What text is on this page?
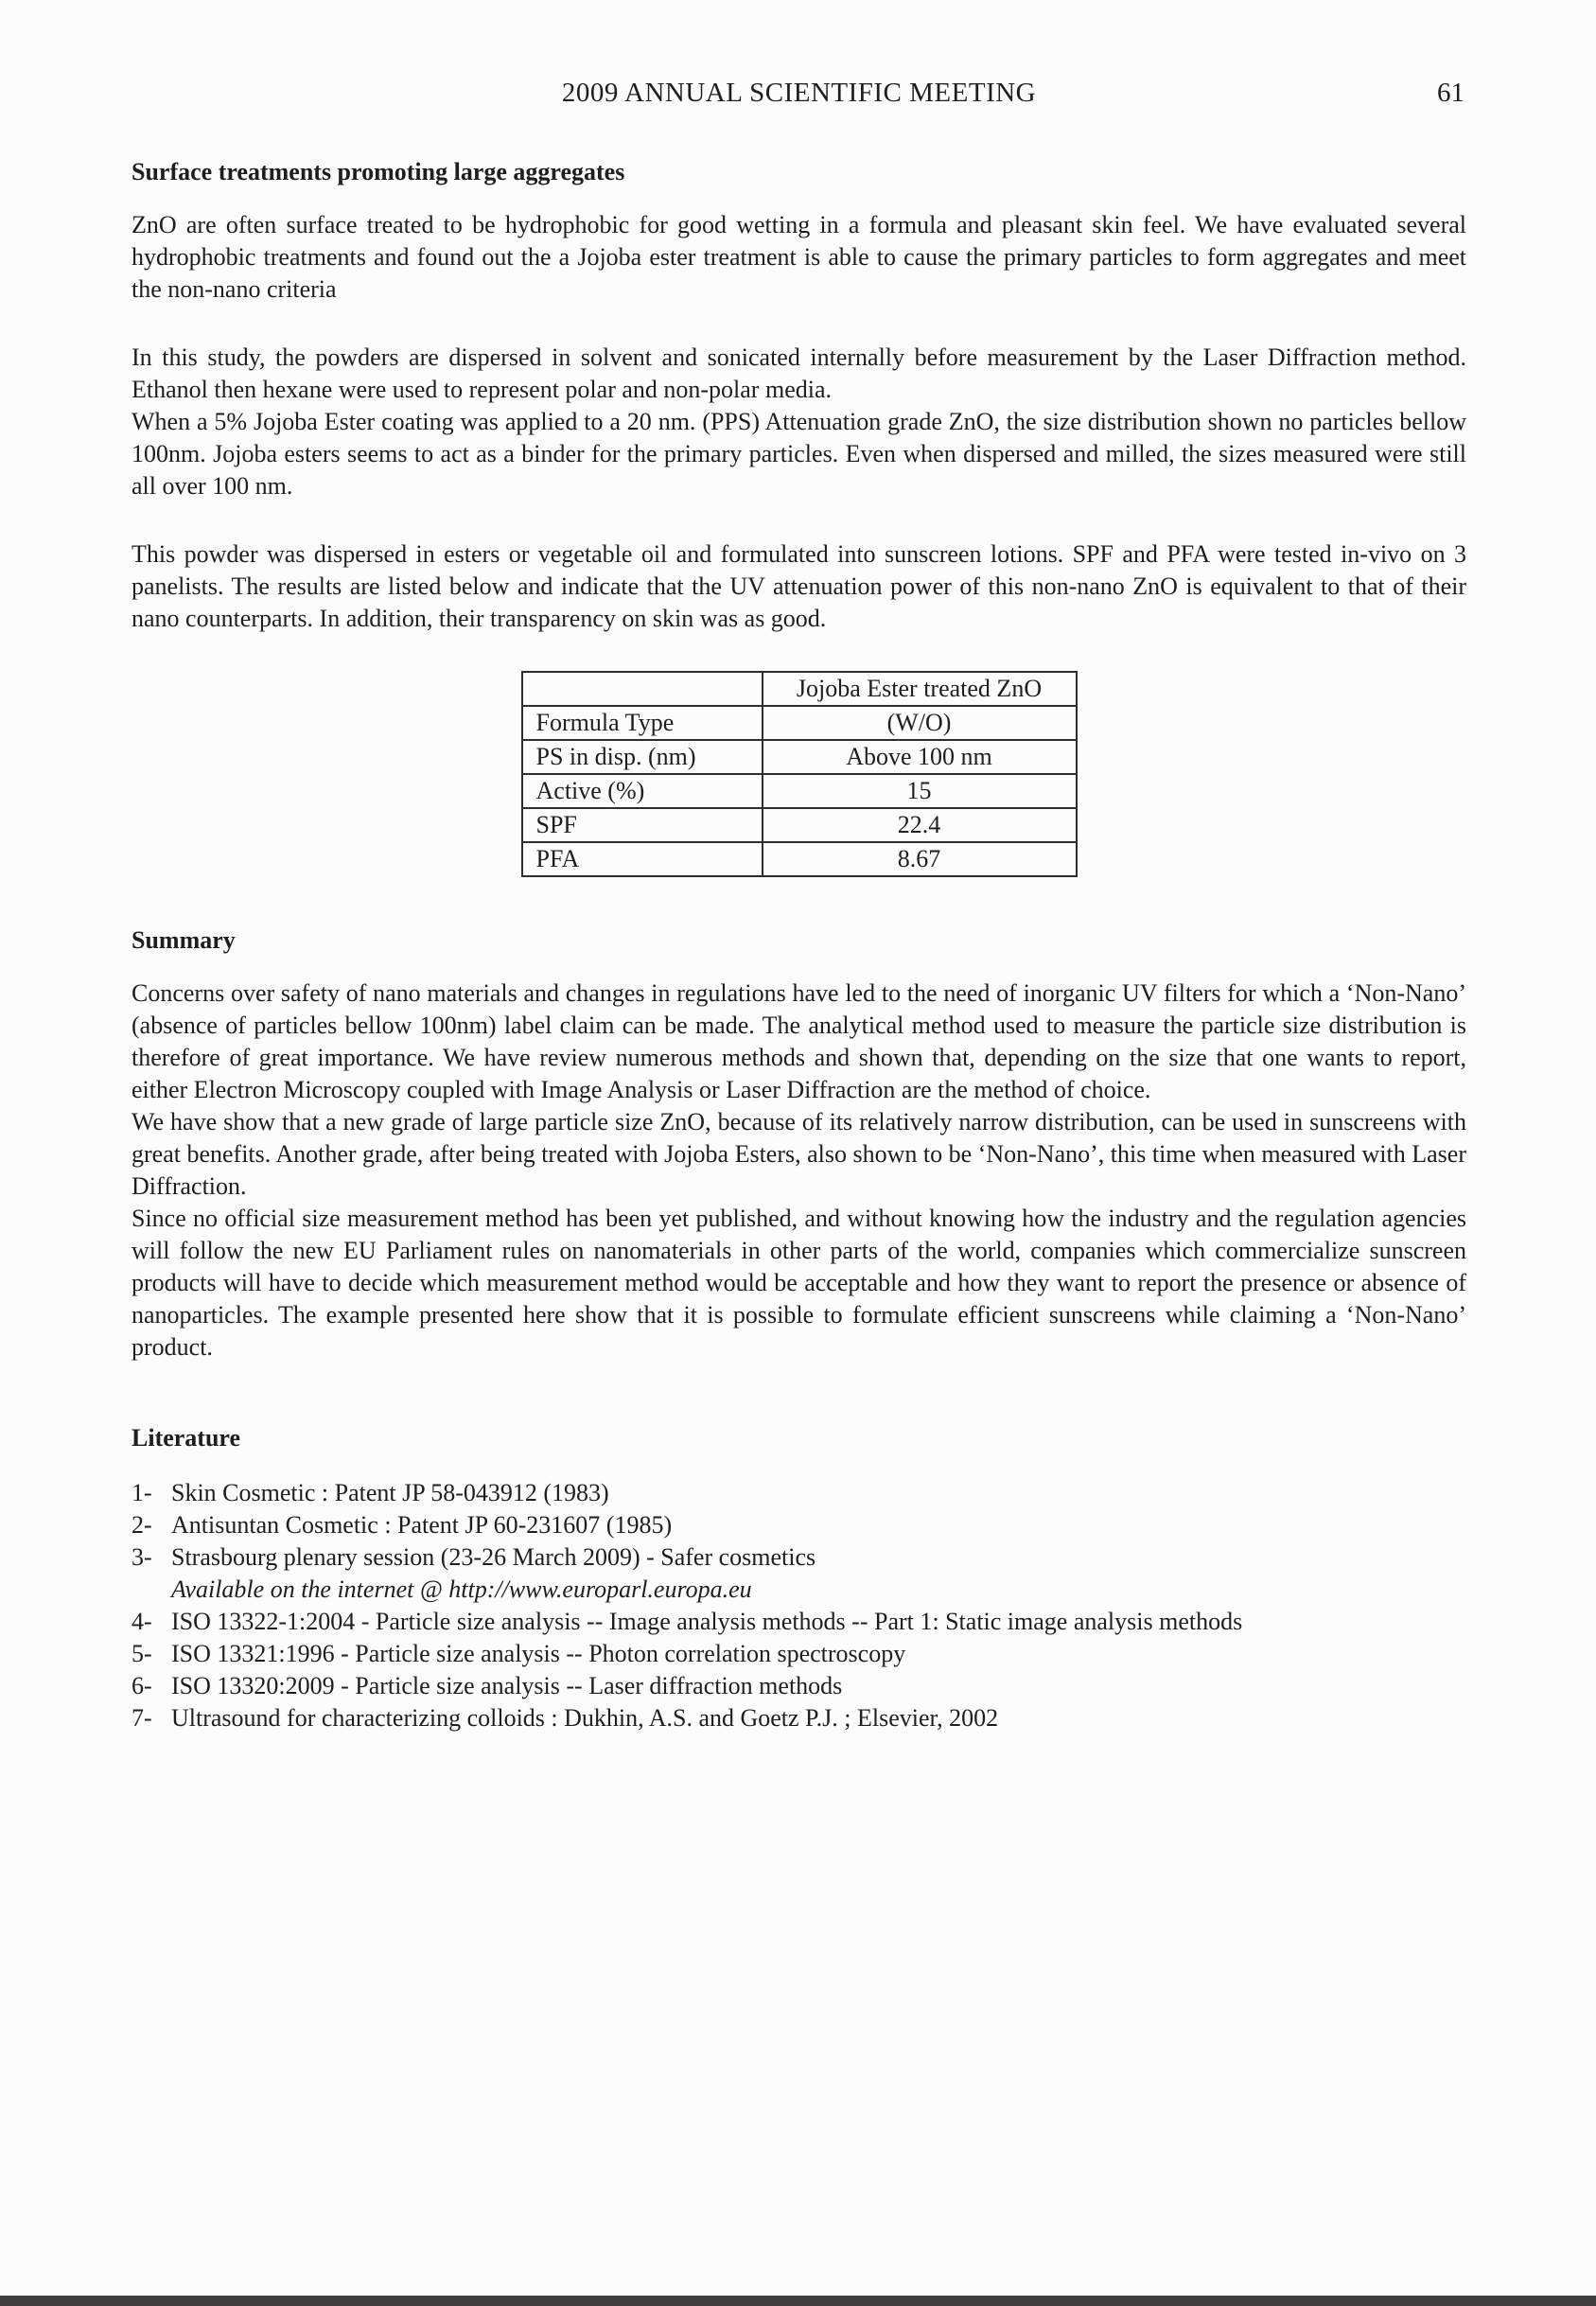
2009 ANNUAL SCIENTIFIC MEETING	61
Surface treatments promoting large aggregates

ZnO are often surface treated to be hydrophobic for good wetting in a formula and pleasant skin feel. We have evaluated several hydrophobic treatments and found out the a Jojoba ester treatment is able to cause the primary particles to form aggregates and meet the non-nano criteria

In this study, the powders are dispersed in solvent and sonicated internally before measurement by the Laser Diffraction method. Ethanol then hexane were used to represent polar and non-polar media.

When a 5% Jojoba Ester coating was applied to a 20 nm. (PPS) Attenuation grade ZnO, the size distribution shown no particles bellow 100nm. Jojoba esters seems to act as a binder for the primary particles. Even when dispersed and milled, the sizes measured were still all over 100 nm.

This powder was dispersed in esters or vegetable oil and formulated into sunscreen lotions. SPF and PFA were tested in-vivo on 3 panelists. The results are listed below and indicate that the UV attenuation power of this non-nano ZnO is equivalent to that of their nano counterparts. In addition, their transparency on skin was as good.

	Jojoba Ester treated ZnO
Formula Type	(W/O)
PS in disp. (nm)	Above 100 nm
Active (%)	15
SPF	22.4
PFA	8.67
Summary

Concerns over safety of nano materials and changes in regulations have led to the need of inorganic UV filters for which a ‘Non-Nano’ (absence of particles bellow 100nm) label claim can be made. The analytical method used to measure the particle size distribution is therefore of great importance. We have review numerous methods and shown that, depending on the size that one wants to report, either Electron Microscopy coupled with Image Analysis or Laser Diffraction are the method of choice.

We have show that a new grade of large particle size ZnO, because of its relatively narrow distribution, can be used in sunscreens with great benefits. Another grade, after being treated with Jojoba Esters, also shown to be ‘Non-Nano’, this time when measured with Laser Diffraction.

Since no official size measurement method has been yet published, and without knowing how the industry and the regulation agencies will follow the new EU Parliament rules on nanomaterials in other parts of the world, companies which commercialize sunscreen products will have to decide which measurement method would be acceptable and how they want to report the presence or absence of nanoparticles. The example presented here show that it is possible to formulate efficient sunscreens while claiming a ‘Non-Nano’ product.

Literature
1- Skin Cosmetic : Patent JP 58-043912 (1983)
2- Antisuntan Cosmetic : Patent JP 60-231607 (1985)
3- Strasbourg plenary session (23-26 March 2009) - Safer cosmetics
Available on the internet @ http://www.europarl.europa.eu
4- ISO 13322-1:2004 - Particle size analysis -- Image analysis methods -- Part 1: Static image analysis methods
5- ISO 13321:1996 - Particle size analysis -- Photon correlation spectroscopy
6- ISO 13320:2009 - Particle size analysis -- Laser diffraction methods
7- Ultrasound for characterizing colloids : Dukhin, A.S. and Goetz P.J. ; Elsevier, 2002
